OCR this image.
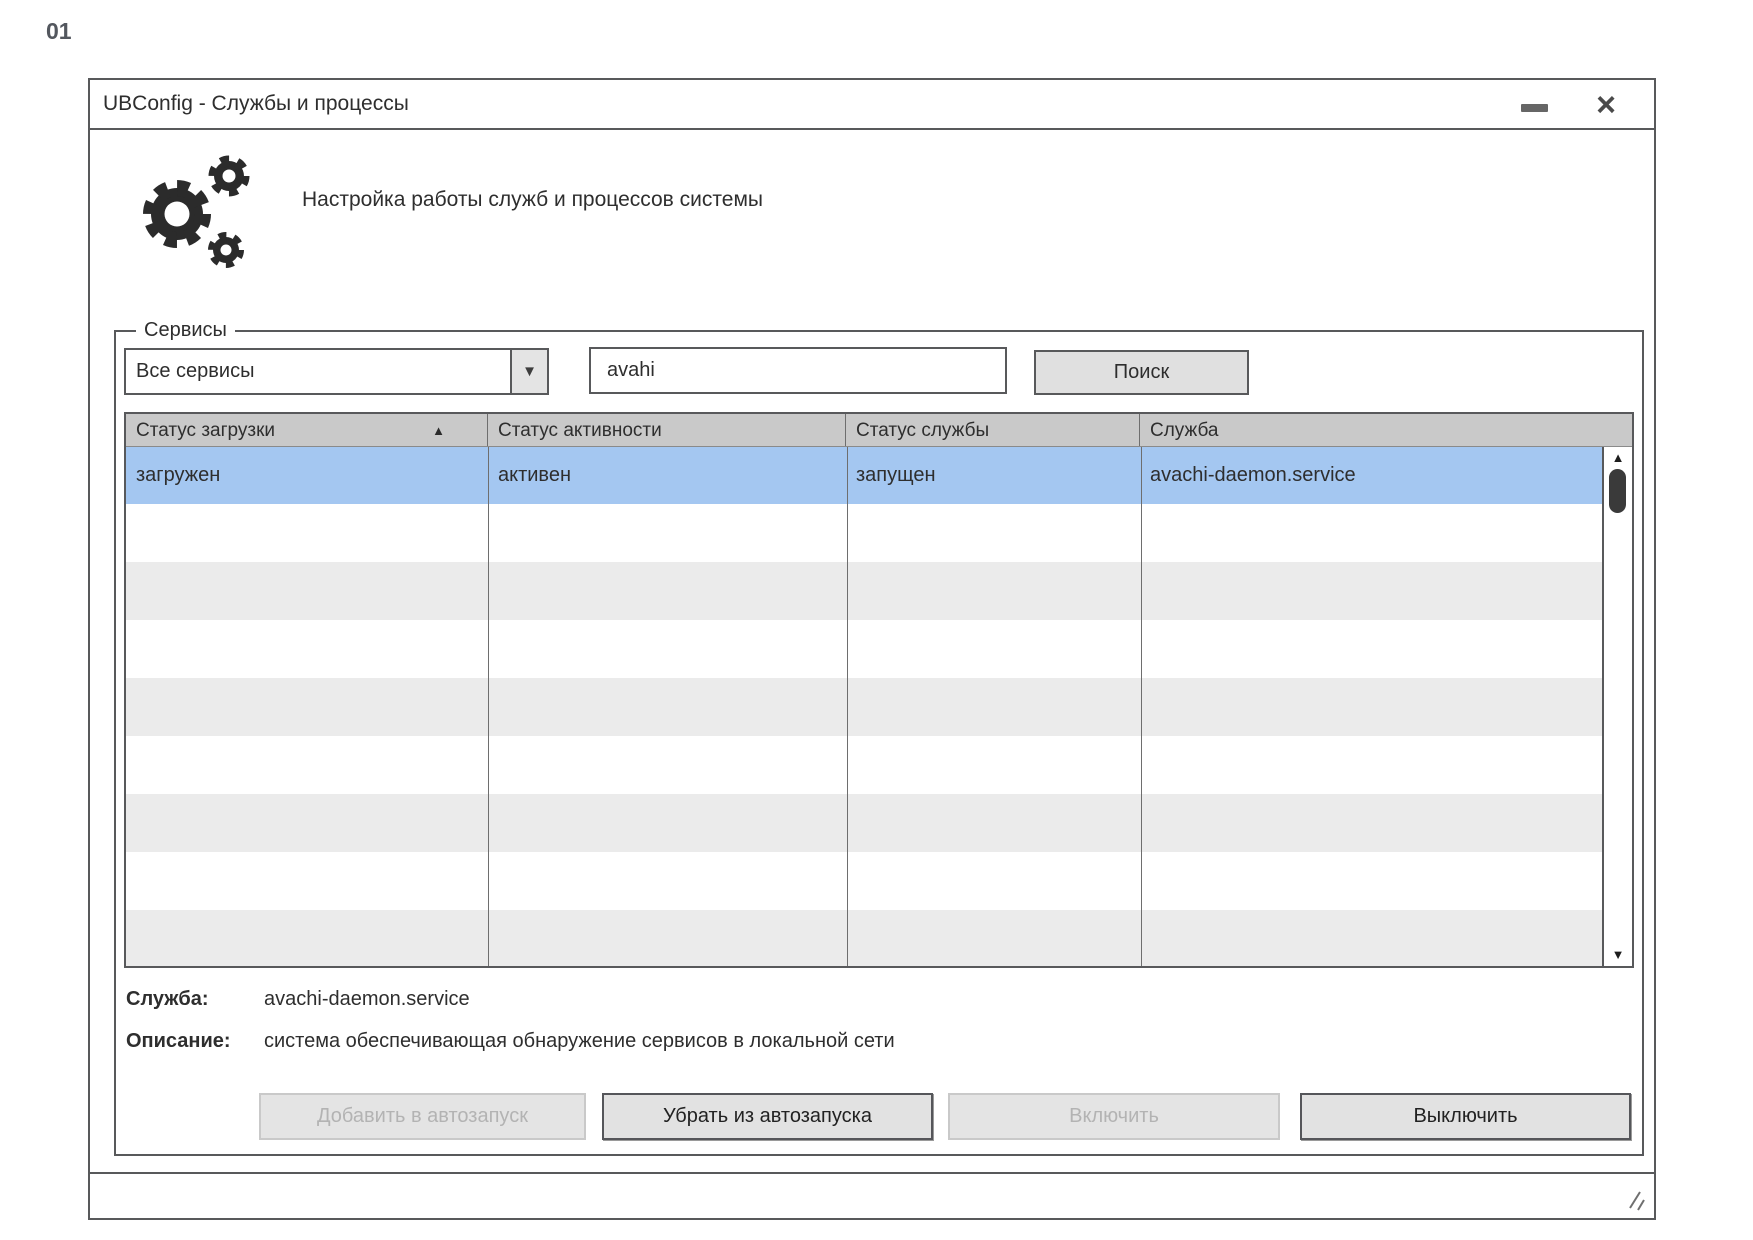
01
UBConfig - Службы и процессы	×
Настройка работы служб и процессов системы
Сервисы
Все сервисы	▼
avahi	Поиск
Статус загрузки	▲	Статус активности	Статус службы	Служба
загружен	активен	запущен	avachi-daemon.service
▲
▼
Служба:	avachi-daemon.service
Описание: система обеспечивающая обнаружение сервисов в локальной сети
Добавить в автозапуск	Убрать из автозапуска	Включить	Выключить
